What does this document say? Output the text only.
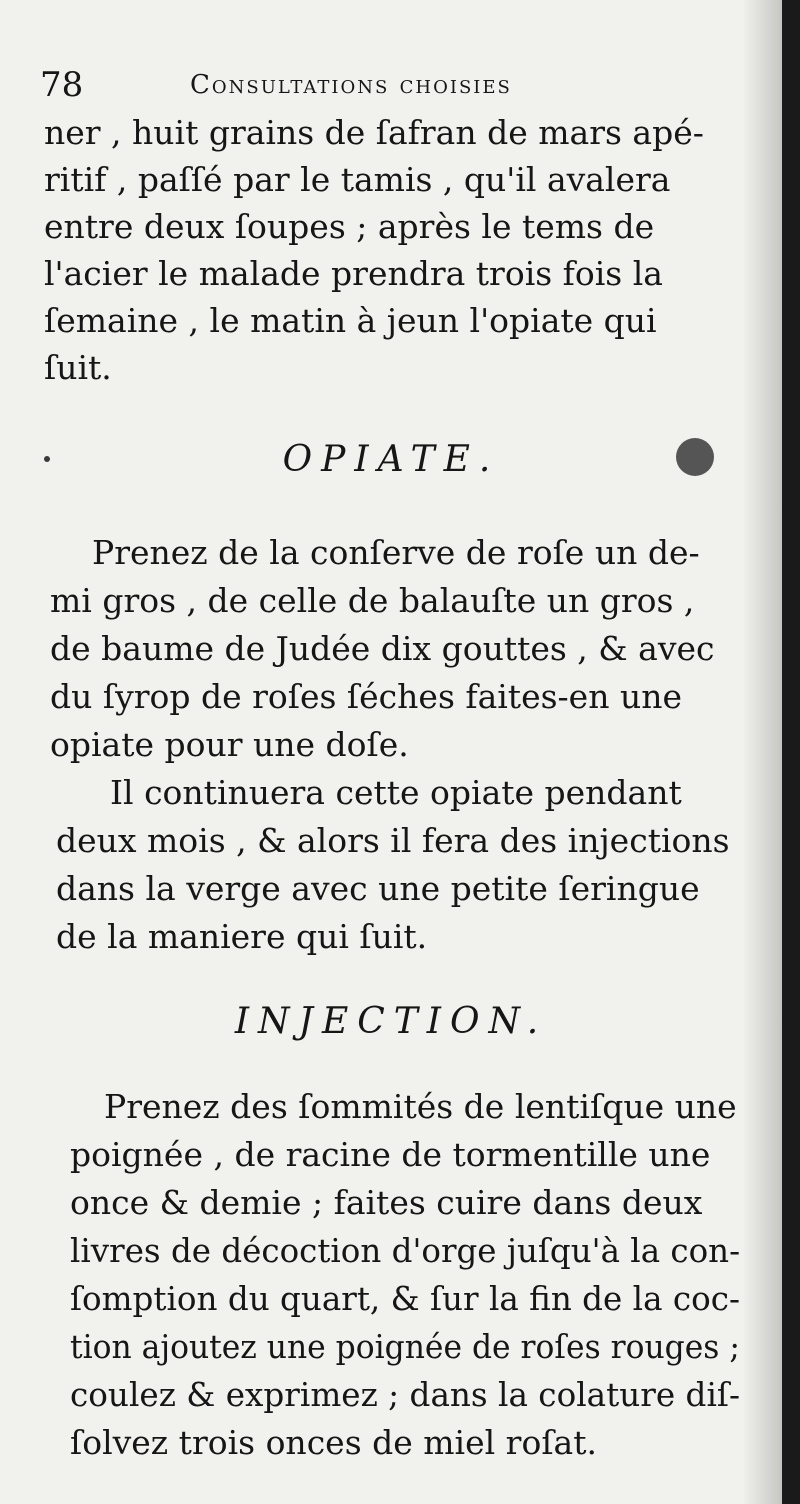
78	Consultations choisies
ner , huit grains de ſafran de mars apé-
ritif , paſſé par le tamis , qu'il avalera
entre deux ſoupes ; après le tems de
l'acier le malade prendra trois fois la
ſemaine , le matin à jeun l'opiate qui
ſuit.
OPIATE.
Prenez de la conſerve de roſe un de-
mi gros , de celle de balauſte un gros ,
de baume de Judée dix gouttes , & avec
du ſyrop de roſes ſéches faites-en une
opiate pour une doſe.
Il continuera cette opiate pendant
deux mois , & alors il fera des injections
dans la verge avec une petite ſeringue
de la maniere qui ſuit.
INJECTION.
Prenez des ſommités de lentiſque une
poignée , de racine de tormentille une
once & demie ; faites cuire dans deux
livres de décoction d'orge juſqu'à la con-
ſomption du quart, & ſur la fin de la coc-
tion ajoutez une poignée de roſes rouges ;
coulez & exprimez ; dans la colature diſ-
ſolvez trois onces de miel roſat.
